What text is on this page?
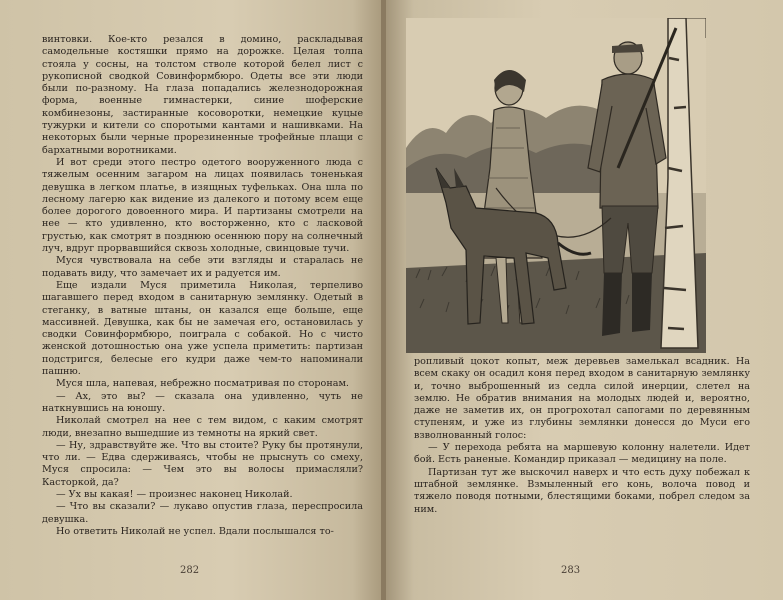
винтовки. Кое-кто резался в домино, раскладывая самодельные костяшки прямо на дорожке. Целая толпа стояла у сосны, на толстом стволе которой белел лист с рукописной сводкой Совинформбюро. Одеты все эти люди были по-разному. На глаза попадались железнодорожная форма, военные гимнастерки, синие шоферские комбинезоны, застиранные косоворотки, немецкие куцые тужурки и кители со споротыми кантами и нашивками. На некоторых были черные прорезиненные трофейные плащи с бархатными воротниками.

И вот среди этого пестро одетого вооруженного люда с тяжелым осенним загаром на лицах появилась тоненькая девушка в легком платье, в изящных туфельках. Она шла по лесному лагерю как видение из далекого и потому всем еще более дорогого довоенного мира. И партизаны смотрели на нее — кто удивленно, кто восторженно, кто с ласковой грустью, как смотрят в позднюю осеннюю пору на солнечный луч, вдруг прорвавшийся сквозь холодные, свинцовые тучи.

Муся чувствовала на себе эти взгляды и старалась не подавать виду, что замечает их и радуется им.

Еще издали Муся приметила Николая, терпеливо шагавшего перед входом в санитарную землянку. Одетый в стеганку, в ватные штаны, он казался еще больше, еще массивней. Девушка, как бы не замечая его, остановилась у сводки Совинформбюро, поиграла с собакой. Но с чисто женской дотошностью она уже успела приметить: партизан подстригся, белесые его кудри даже чем-то напоминали пашню.

Муся шла, напевая, небрежно посматривая по сторонам.

— Ах, это вы? — сказала она удивленно, чуть не наткнувшись на юношу.

Николай смотрел на нее с тем видом, с каким смотрят люди, внезапно вышедшие из темноты на яркий свет.

— Ну, здравствуйте же. Что вы стоите? Руку бы протянули, что ли. — Едва сдерживаясь, чтобы не прыснуть со смеху, Муся спросила: — Чем это вы волосы примасляли? Касторкой, да?

— Ух вы какая! — произнес наконец Николай.

— Что вы сказали? — лукаво опустив глаза, переспросила девушка.

Но ответить Николай не успел. Вдали послышался то-

282

ропливый цокот копыт, меж деревьев замелькал всадник. На всем скаку он осадил коня перед входом в санитарную землянку и, точно выброшенный из седла силой инерции, слетел на землю. Не обратив внимания на молодых людей и, вероятно, даже не заметив их, он прогрохотал сапогами по деревянным ступеням, и уже из глубины землянки донесся до Муси его взволнованный голос:

— У перехода ребята на маршевую колонну налетели. Идет бой. Есть раненые. Командир приказал — медицину на поле.

Партизан тут же выскочил наверх и что есть духу побежал к штабной землянке. Взмыленный его конь, волоча повод и тяжело поводя потными, блестящими боками, побрел следом за ним.

283
